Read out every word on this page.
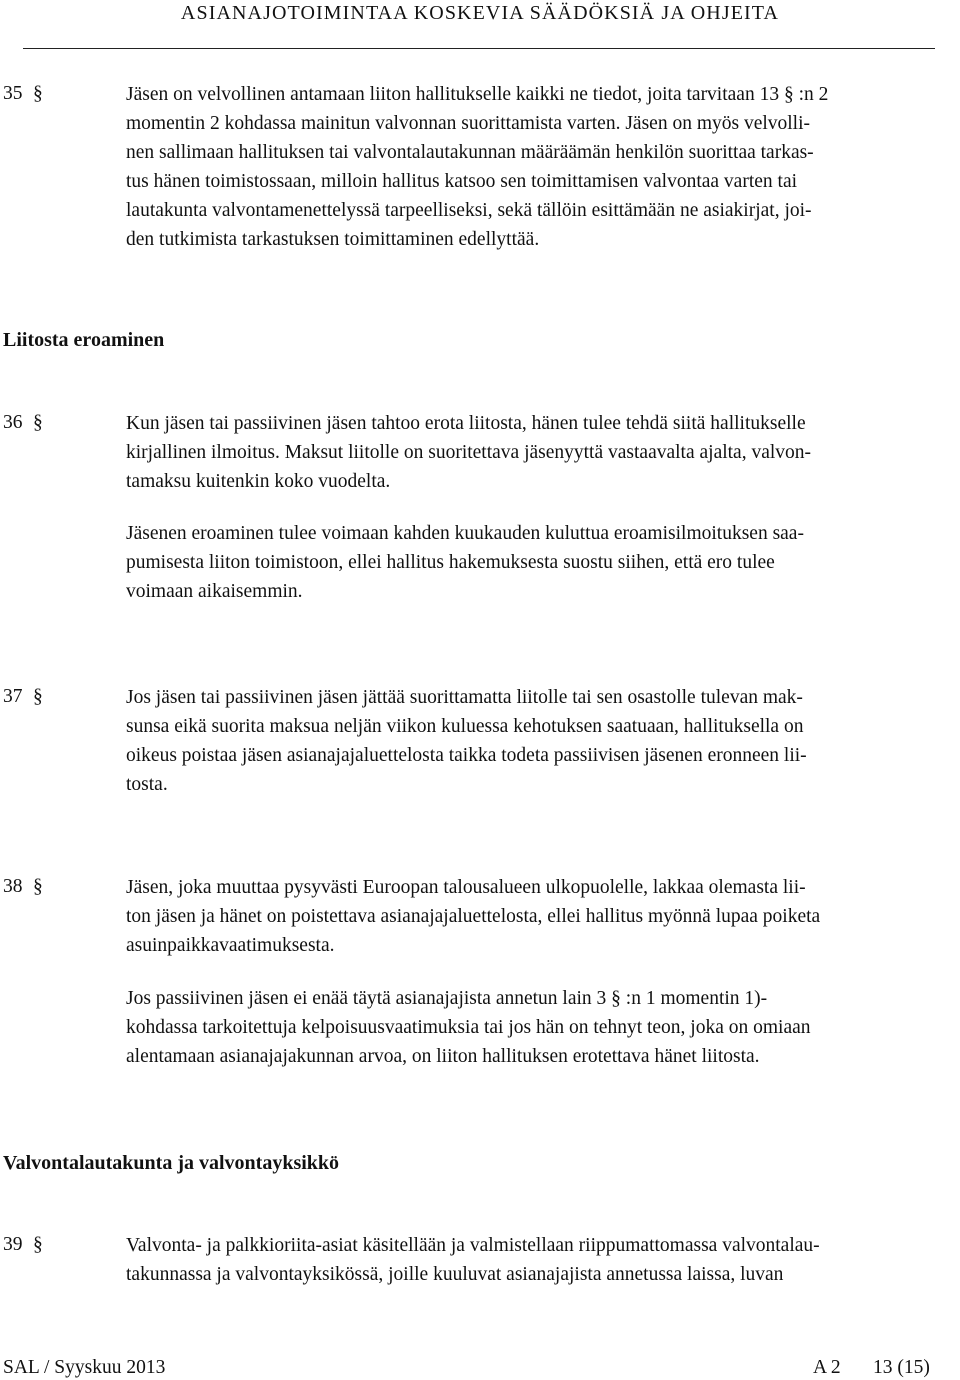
ASIANAJOTOIMINTAA KOSKEVIA SÄÄDÖKSIÄ JA OHJEITA
35 §	Jäsen on velvollinen antamaan liiton hallitukselle kaikki ne tiedot, joita tarvitaan 13 § :n 2
momentin 2 kohdassa mainitun valvonnan suorittamista varten. Jäsen on myös velvolli-
nen sallimaan hallituksen tai valvontalautakunnan määräämän henkilön suorittaa tarkas-
tus hänen toimistossaan, milloin hallitus katsoo sen toimittamisen valvontaa varten tai
lautakunta valvontamenettelyssä tarpeelliseksi, sekä tällöin esittämään ne asiakirjat, joi-
den tutkimista tarkastuksen toimittaminen edellyttää.
Liitosta eroaminen
36 §	Kun jäsen tai passiivinen jäsen tahtoo erota liitosta, hänen tulee tehdä siitä hallitukselle
kirjallinen ilmoitus. Maksut liitolle on suoritettava jäsenyyttä vastaavalta ajalta, valvon-
tamaksu kuitenkin koko vuodelta.
Jäsenen eroaminen tulee voimaan kahden kuukauden kuluttua eroamisilmoituksen saa-
pumisesta liiton toimistoon, ellei hallitus hakemuksesta suostu siihen, että ero tulee
voimaan aikaisemmin.
37 §	Jos jäsen tai passiivinen jäsen jättää suorittamatta liitolle tai sen osastolle tulevan mak-
sunsa eikä suorita maksua neljän viikon kuluessa kehotuksen saatuaan, hallituksella on
oikeus poistaa jäsen asianajajaluettelosta taikka todeta passiivisen jäsenen eronneen lii-
tosta.
38 §	Jäsen, joka muuttaa pysyvästi Euroopan talousalueen ulkopuolelle, lakkaa olemasta lii-
ton jäsen ja hänet on poistettava asianajajaluettelosta, ellei hallitus myönnä lupaa poiketa
asuinpaikkavaatimuksesta.
Jos passiivinen jäsen ei enää täytä asianajajista annetun lain 3 § :n 1 momentin 1)-
kohdassa tarkoitettuja kelpoisuusvaatimuksia tai jos hän on tehnyt teon, joka on omiaan
alentamaan asianajajakunnan arvoa, on liiton hallituksen erotettava hänet liitosta.
Valvontalautakunta ja valvontayksikkö
39 §	Valvonta- ja palkkioriita-asiat käsitellään ja valmistellaan riippumattomassa valvontalau-
takunnassa ja valvontayksikössä, joille kuuluvat asianajajista annetussa laissa, luvan
SAL / Syyskuu 2013	A 2 13 (15)
